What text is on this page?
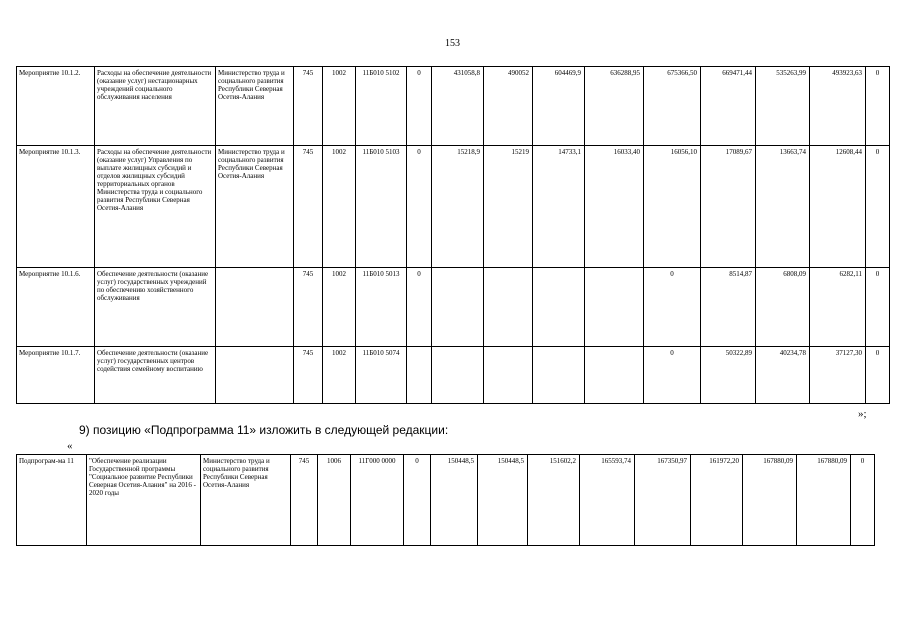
153
Мероприятие 10.1.2.	Расходы на обеспечение деятельности (оказание услуг) нестационарных учреждений социального обслуживания населения	Министерство труда и социального развития Республики Северная Осетия-Алания	745	1002	11Б010 5102	0	431058,8	490052	604469,9	636288,95	675366,50	669471,44	535263,99	493923,63	0
Мероприятие 10.1.3.	Расходы на обеспечение деятельности (оказание услуг) Управления по выплате жилищных субсидий и отделов жилищных субсидий территориальных органов Министерства труда и социального развития Республики Северная Осетия-Алания	Министерство труда и социального развития Республики Северная Осетия-Алания	745	1002	11Б010 5103	0	15218,9	15219	14733,1	16033,40	16056,10	17089,67	13663,74	12608,44	0
Мероприятие 10.1.6.	Обеспечение деятельности (оказание услуг) государственных учреждений по обеспечению хозяйственного обслуживания		745	1002	11Б010 5013	0					0	8514,87	6808,09	6282,11	0
Мероприятие 10.1.7.	Обеспечение деятельности (оказание услуг) государственных центров содействия семейному воспитанию		745	1002	11Б010 5074						0	50322,89	40234,78	37127,30	0
»;
9) позицию «Подпрограмма 11» изложить в следующей редакции:
«
Подпрограм-ма 11	"Обеспечение реализации Государственной программы "Социальное развитие Республики Северная Осетия-Алания" на 2016 - 2020 годы	Министерство труда и социального развития Республики Северная Осетия-Алания	745	1006	11Г000 0000	0	150448,5	150448,5	151602,2	165593,74	167350,97	161972,20	167880,09	167880,09	0
